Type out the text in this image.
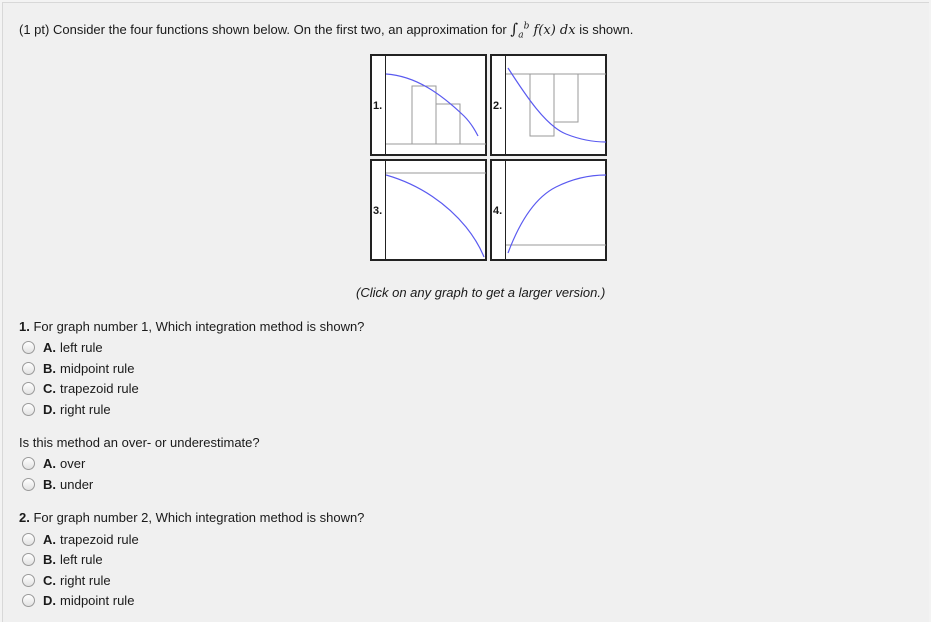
(1 pt) Consider the four functions shown below. On the first two, an approximation for $\int_a^b$ f(x) dx is shown.
1.	2.
3.	4.
(Click on any graph to get a larger version.)
1. For graph number 1, Which integration method is shown?
A. left rule
B. midpoint rule
C. trapezoid rule
D. right rule
Is this method an over- or underestimate?
A. over
B. under
2. For graph number 2, Which integration method is shown?
A. trapezoid rule
B. left rule
C. right rule
D. midpoint rule
